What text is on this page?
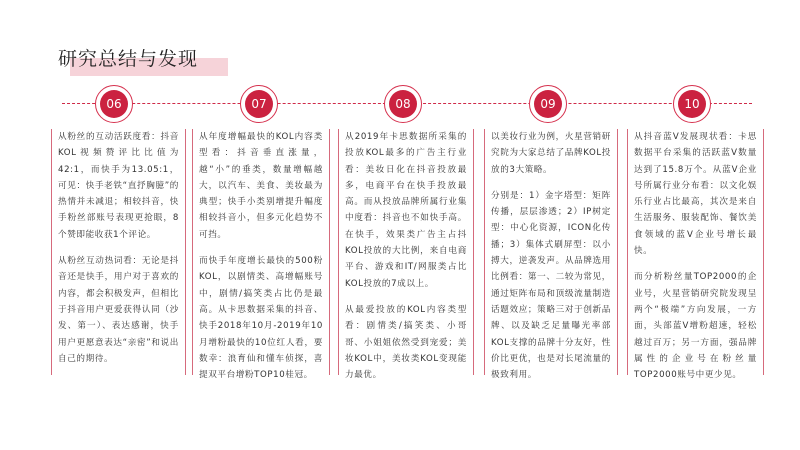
研究总结与发现
06	07	08	09	10

从粉丝的互动活跃度看：抖音KOL视频赞评比比值为42:1，而快手为13.05:1，可见：快手老铁“直抒胸臆”的热情并未减退；相较抖音，快手粉丝部账号表现更抢眼，8个赞即能收获1个评论。

从粉丝互动热词看：无论是抖音还是快手，用户对于喜欢的内容，都会积极发声，但相比于抖音用户更爱获得认同（沙发、第一）、表达感谢，快手用户更愿意表达“亲密”和说出自己的期待。

从年度增幅最快的KOL内容类型看：抖音垂直涨量，越“小”的垂类，数量增幅越大，以汽车、美食、美妆最为典型；快手小类别增提升幅度相较抖音小，但多元化趋势不可挡。

而快手年度增长最快的500粉KOL，以剧情类、高增幅账号中，剧情/搞笑类占比仍是最高。从卡思数据采集的抖音、快手2018年10月-2019年10月增粉最快的10位红人看，要数幸：浪育仙和懂车侦探，喜提双平台增粉TOP10桂冠。

从2019年卡思数据所采集的投放KOL最多的广告主行业看：美妆日化在抖音投放最多，电商平台在快手投放最高。而从投放品牌所属行业集中度看：抖音也不如快手高。在快手，效果类广告主占抖KOL投放的大比例，来自电商平台、游戏和IT/网服类占比KOL投放的7成以上。

从最爱投放的KOL内容类型看：剧情类/搞笑类、小哥哥、小姐姐依然受到宠爱；美妆KOL中，美妆类KOL变现能力最优。

以美妆行业为例，火星营销研究院为大家总结了品牌KOL投放的3大策略。

分别是：1）金字塔型：矩阵传播，层层渗透；2）IP树定型：中心化资源，ICON化传播；3）集体式刷屏型：以小搏大，逆袭发声。从品牌选用比例看：第一、二较为常见，通过矩阵布局和顶级流量制造话题效应；策略三对于创新品牌、以及缺乏足量曝光率部KOL支撑的品牌十分友好，性价比更优，也是对长尾流量的极致利用。

从抖音蓝V发展现状看：卡思数据平台采集的活跃蓝V数量达到了15.8万个。从蓝V企业号所属行业分布看：以文化娱乐行业占比最高，其次是来自生活服务、服装配饰、餐饮美食领域的蓝V企业号增长最快。

而分析粉丝量TOP2000的企业号，火星营销研究院发现呈两个“极端”方向发展，一方面，头部蓝V增粉超速，轻松越过百万；另一方面，强品牌属性的企业号在粉丝量TOP2000账号中更少见。
